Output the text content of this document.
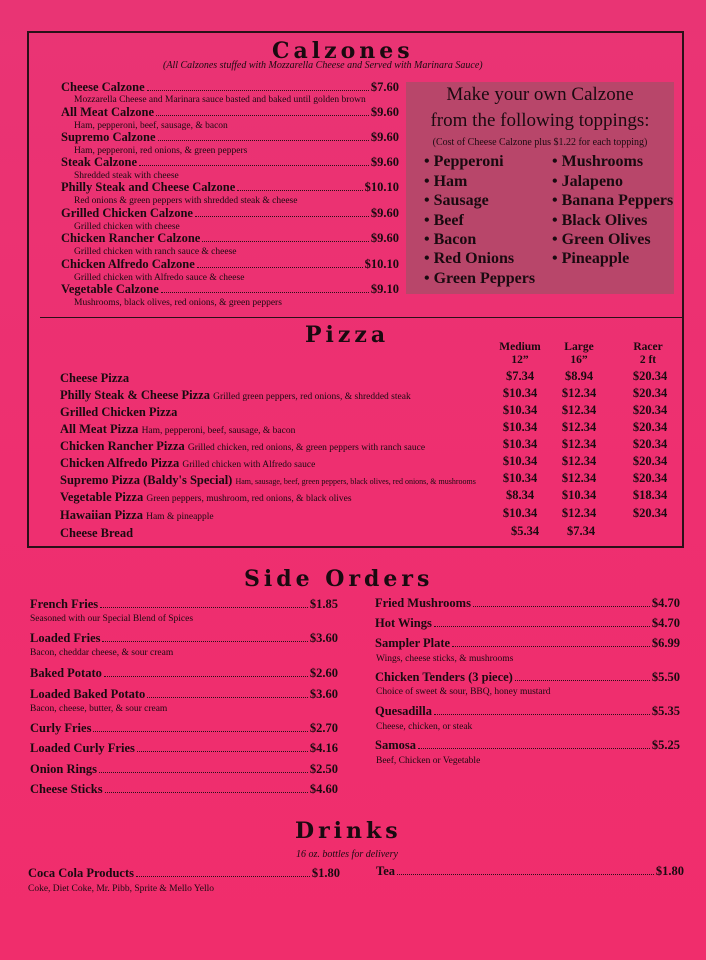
Calzones
(All Calzones stuffed with Mozzarella Cheese and Served with Marinara Sauce)
Cheese Calzone	$7.60
Mozzarella Cheese and Marinara sauce basted and baked until golden brown
All Meat Calzone	$9.60
Ham, pepperoni, beef, sausage, & bacon
Supremo Calzone	$9.60
Ham, pepperoni, red onions, & green peppers
Steak Calzone	$9.60
Shredded steak with cheese
Philly Steak and Cheese Calzone	$10.10
Red onions & green peppers with shredded steak & cheese
Grilled Chicken Calzone	$9.60
Grilled chicken with cheese
Chicken Rancher Calzone	$9.60
Grilled chicken with ranch sauce & cheese
Chicken Alfredo Calzone	$10.10
Grilled chicken with Alfredo sauce & cheese
Vegetable Calzone	$9.10
Mushrooms, black olives, red onions, & green peppers
Make your own Calzone
from the following toppings:
(Cost of Cheese Calzone plus $1.22 for each topping)
• Pepperoni
• Ham
• Sausage
• Beef
• Bacon
• Red Onions
• Green Peppers
• Mushrooms
• Jalapeno
• Banana Peppers
• Black Olives
• Green Olives
• Pineapple
Pizza	Medium
12”
Large
16”
Racer
2 ft
Cheese Pizza	$7.34	$8.94	$20.34
Philly Steak & Cheese Pizza Grilled green peppers, red onions, & shredded steak	$10.34	$12.34	$20.34
Grilled Chicken Pizza	$10.34	$12.34	$20.34
All Meat Pizza Ham, pepperoni, beef, sausage, & bacon	$10.34	$12.34	$20.34
Chicken Rancher Pizza Grilled chicken, red onions, & green peppers with ranch sauce	$10.34	$12.34	$20.34
Chicken Alfredo Pizza Grilled chicken with Alfredo sauce	$10.34	$12.34	$20.34
Supremo Pizza (Baldy's Special) Ham, sausage, beef, green peppers, black olives, red onions, & mushrooms	$10.34	$12.34	$20.34
Vegetable Pizza Green peppers, mushroom, red onions, & black olives	$8.34	$10.34	$18.34
Hawaiian Pizza Ham & pineapple	$10.34	$12.34	$20.34
Cheese Bread	$5.34	$7.34
Side Orders
French Fries	$1.85
Seasoned with our Special Blend of Spices
Loaded Fries	$3.60
Bacon, cheddar cheese, & sour cream
Baked Potato	$2.60
Loaded Baked Potato	$3.60
Bacon, cheese, butter, & sour cream
Curly Fries	$2.70
Loaded Curly Fries	$4.16
Onion Rings	$2.50
Cheese Sticks	$4.60
Fried Mushrooms	$4.70
Hot Wings	$4.70
Sampler Plate	$6.99
Wings, cheese sticks, & mushrooms
Chicken Tenders (3 piece)	$5.50
Choice of sweet & sour, BBQ, honey mustard
Quesadilla	$5.35
Cheese, chicken, or steak
Samosa	$5.25
Beef, Chicken or Vegetable
Drinks
16 oz. bottles for delivery
Coca Cola Products	$1.80
Coke, Diet Coke, Mr. Pibb, Sprite & Mello Yello
Tea	$1.80
